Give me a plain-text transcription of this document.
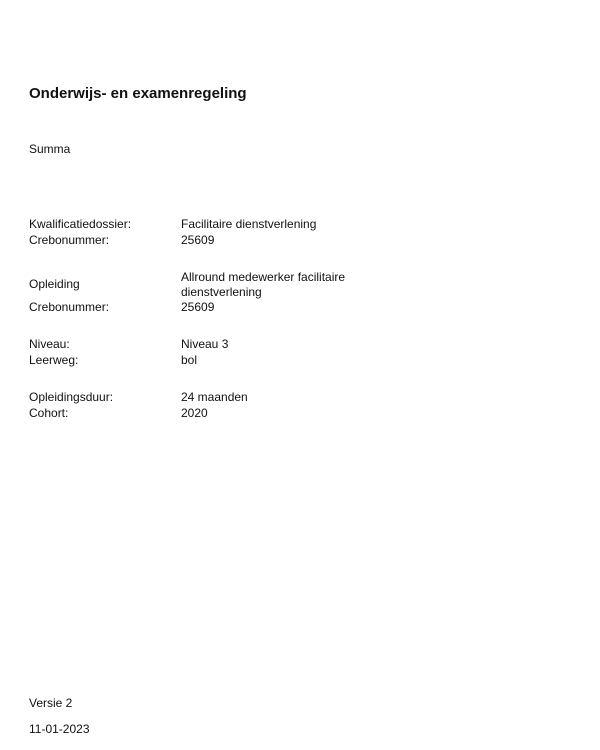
Onderwijs- en examenregeling
Summa
Kwalificatiedossier:	Facilitaire dienstverlening
Crebonummer:	25609
Opleiding	Allround medewerker facilitaire dienstverlening
Crebonummer:	25609
Niveau:	Niveau 3
Leerweg:	bol
Opleidingsduur:	24 maanden
Cohort:	2020
Versie 2
11-01-2023
